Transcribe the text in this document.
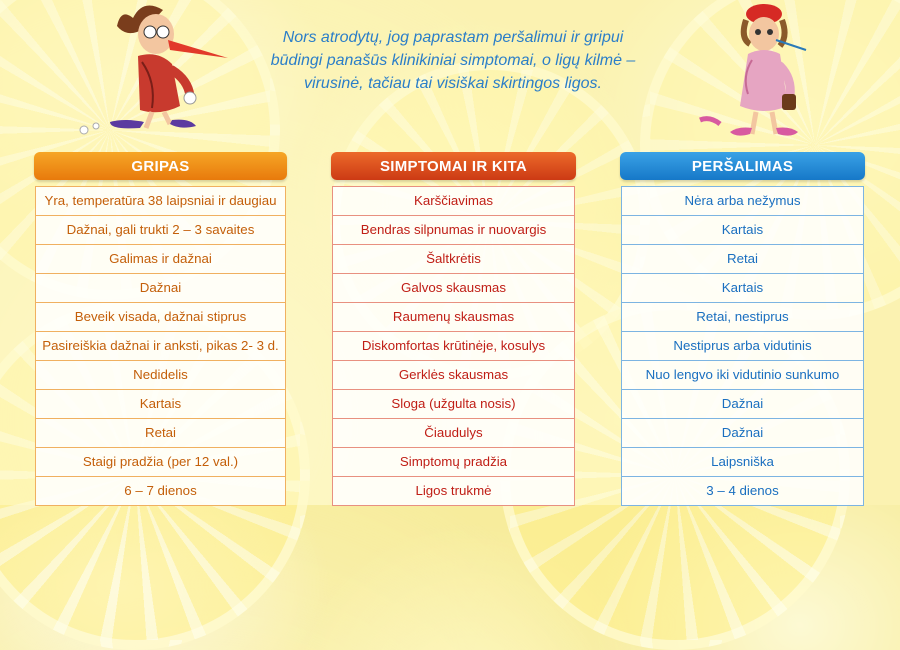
Nors atrodytų, jog paprastam peršalimui ir gripui būdingi panašūs klinikiniai simptomai, o ligų kilmė – virusinė, tačiau tai visiškai skirtingos ligos.
GRIPAS
Yra, temperatūra 38 laipsniai ir daugiau
Dažnai, gali trukti 2 – 3 savaites
Galimas ir dažnai
Dažnai
Beveik visada, dažnai stiprus
Pasireiškia dažnai ir anksti, pikas 2- 3 d.
Nedidelis
Kartais
Retai
Staigi pradžia (per 12 val.)
6 – 7 dienos
SIMPTOMAI IR KITA
Karščiavimas
Bendras silpnumas ir nuovargis
Šaltkrėtis
Galvos skausmas
Raumenų skausmas
Diskomfortas krūtinėje, kosulys
Gerklės skausmas
Sloga (užgulta nosis)
Čiaudulys
Simptomų pradžia
Ligos trukmė
PERŠALIMAS
Nėra arba nežymus
Kartais
Retai
Kartais
Retai, nestiprus
Nestiprus arba vidutinis
Nuo lengvo iki vidutinio sunkumo
Dažnai
Dažnai
Laipsniška
3 – 4 dienos
